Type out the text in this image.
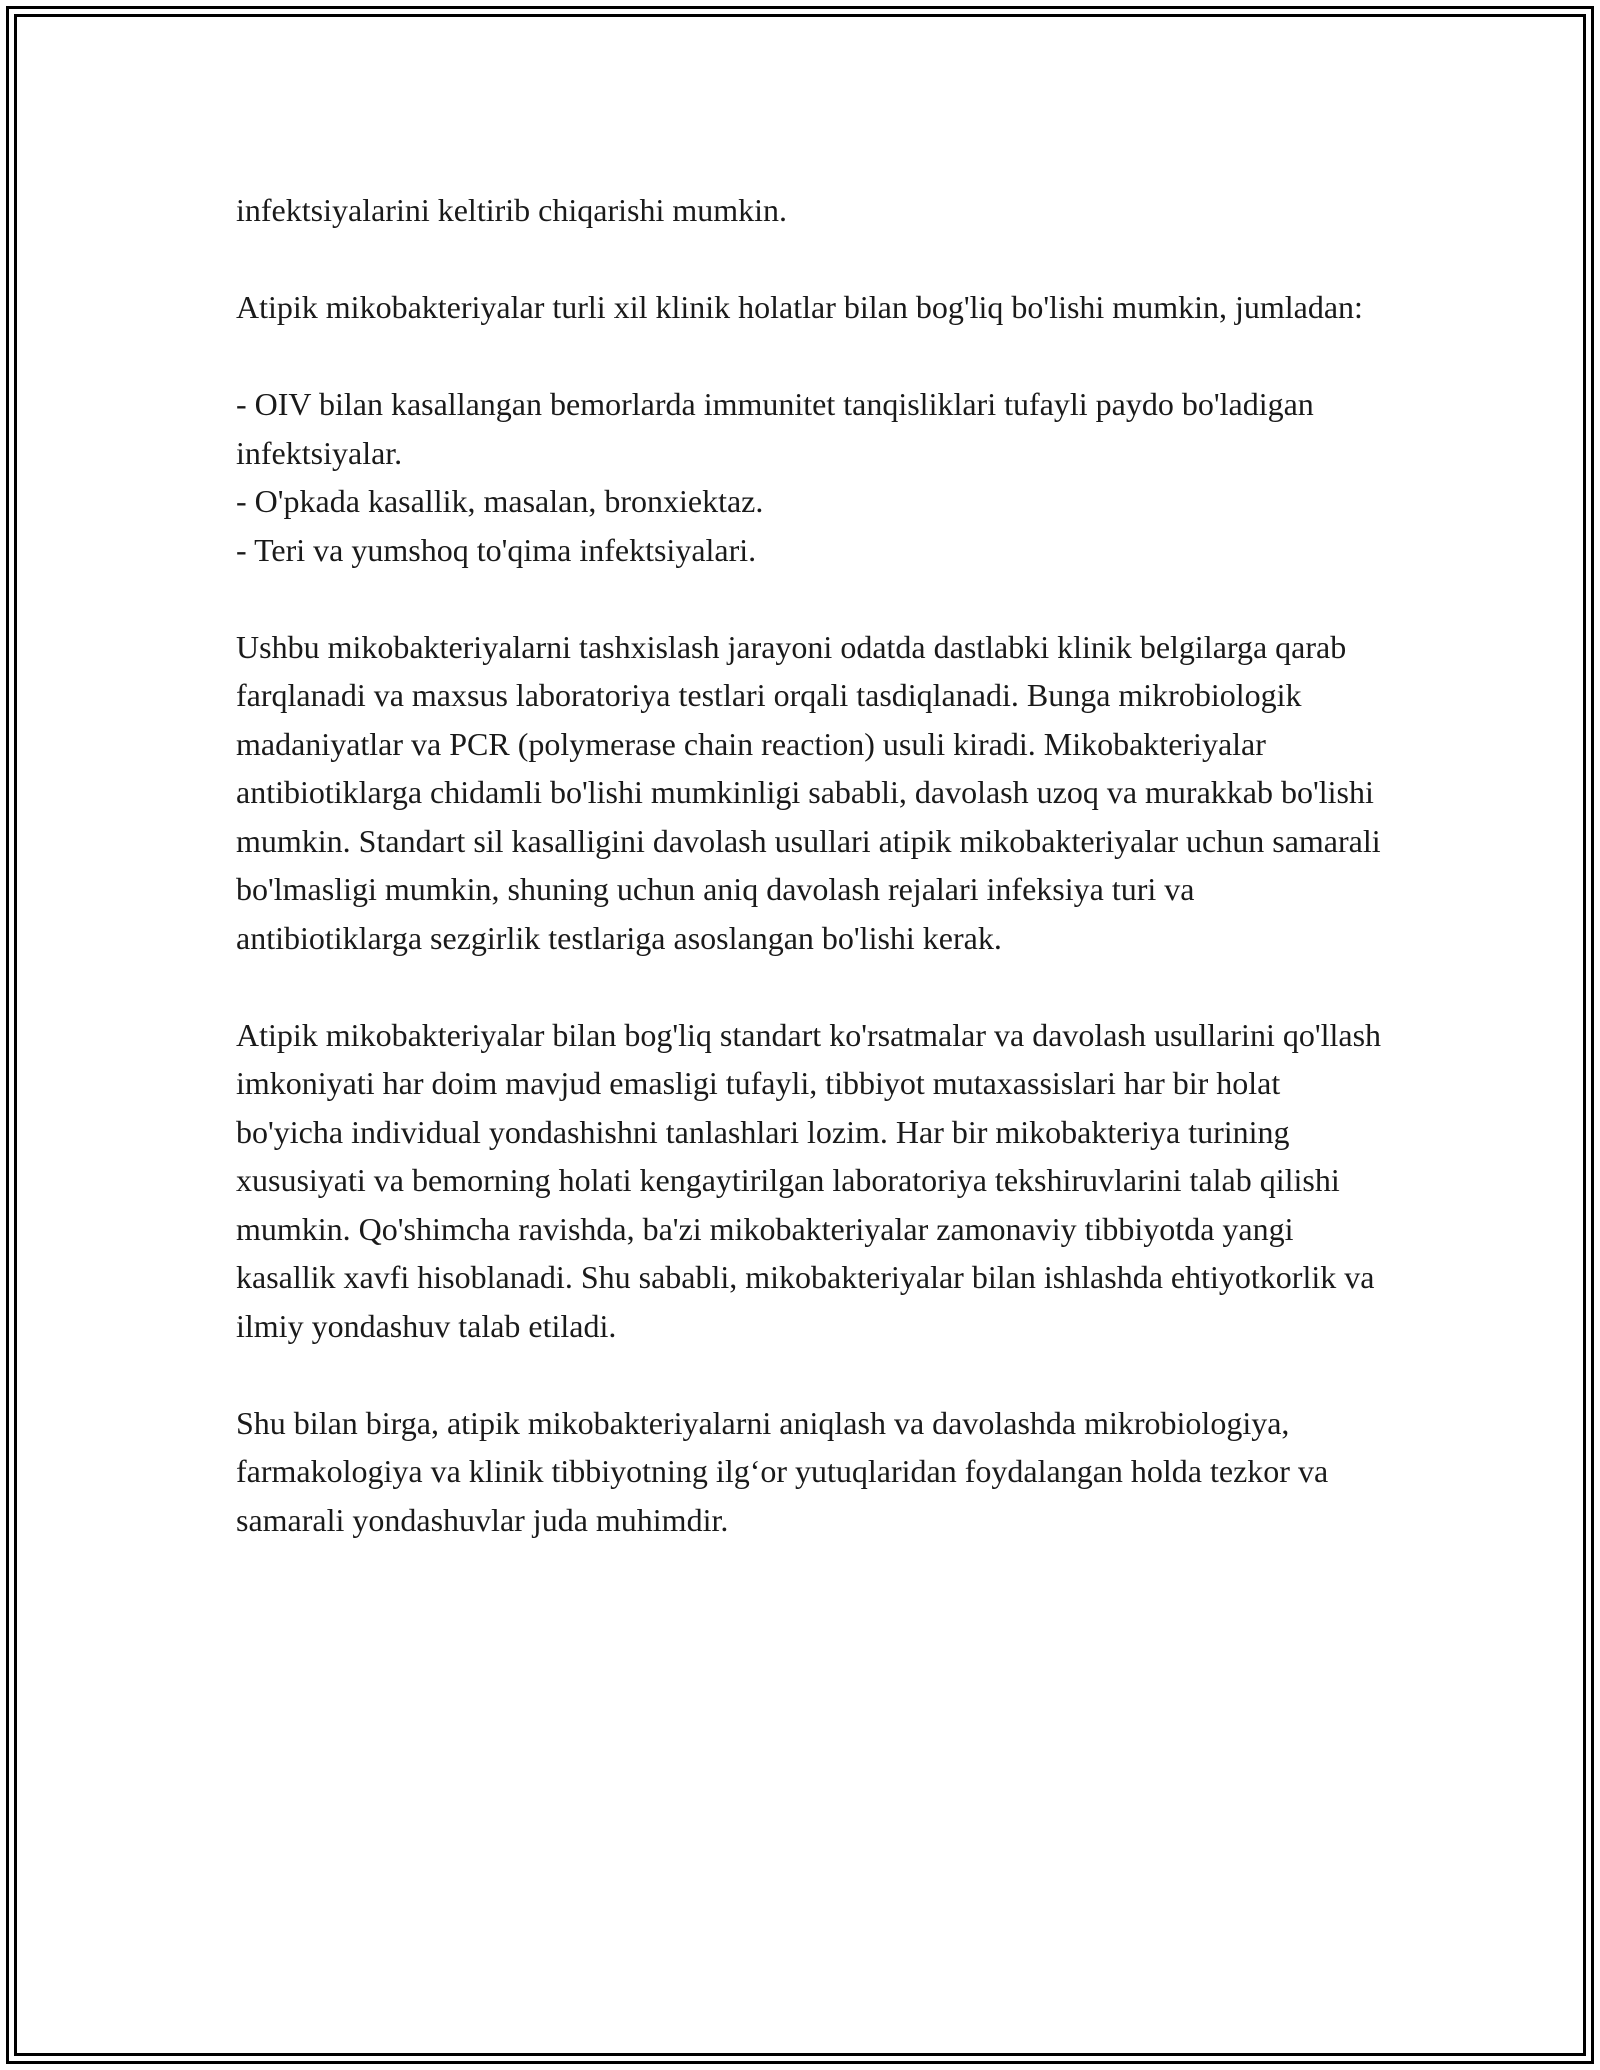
infektsiyalarini keltirib chiqarishi mumkin.

Atipik mikobakteriyalar turli xil klinik holatlar bilan bog'liq bo'lishi mumkin, jumladan:

- OIV bilan kasallangan bemorlarda immunitet tanqisliklari tufayli paydo bo'ladigan infektsiyalar.
- O'pkada kasallik, masalan, bronxiektaz.
- Teri va yumshoq to'qima infektsiyalari.

Ushbu mikobakteriyalarni tashxislash jarayoni odatda dastlabki klinik belgilarga qarab farqlanadi va maxsus laboratoriya testlari orqali tasdiqlanadi. Bunga mikrobiologik madaniyatlar va PCR (polymerase chain reaction) usuli kiradi. Mikobakteriyalar antibiotiklarga chidamli bo'lishi mumkinligi sababli, davolash uzoq va murakkab bo'lishi mumkin. Standart sil kasalligini davolash usullari atipik mikobakteriyalar uchun samarali bo'lmasligi mumkin, shuning uchun aniq davolash rejalari infeksiya turi va antibiotiklarga sezgirlik testlariga asoslangan bo'lishi kerak.

Atipik mikobakteriyalar bilan bog'liq standart ko'rsatmalar va davolash usullarini qo'llash imkoniyati har doim mavjud emasligi tufayli, tibbiyot mutaxassislari har bir holat bo'yicha individual yondashishni tanlashlari lozim. Har bir mikobakteriya turining xususiyati va bemorning holati kengaytirilgan laboratoriya tekshiruvlarini talab qilishi mumkin. Qo'shimcha ravishda, ba'zi mikobakteriyalar zamonaviy tibbiyotda yangi kasallik xavfi hisoblanadi. Shu sababli, mikobakteriyalar bilan ishlashda ehtiyotkorlik va ilmiy yondashuv talab etiladi.

Shu bilan birga, atipik mikobakteriyalarni aniqlash va davolashda mikrobiologiya, farmakologiya va klinik tibbiyotning ilg‘or yutuqlaridan foydalangan holda tezkor va samarali yondashuvlar juda muhimdir.
